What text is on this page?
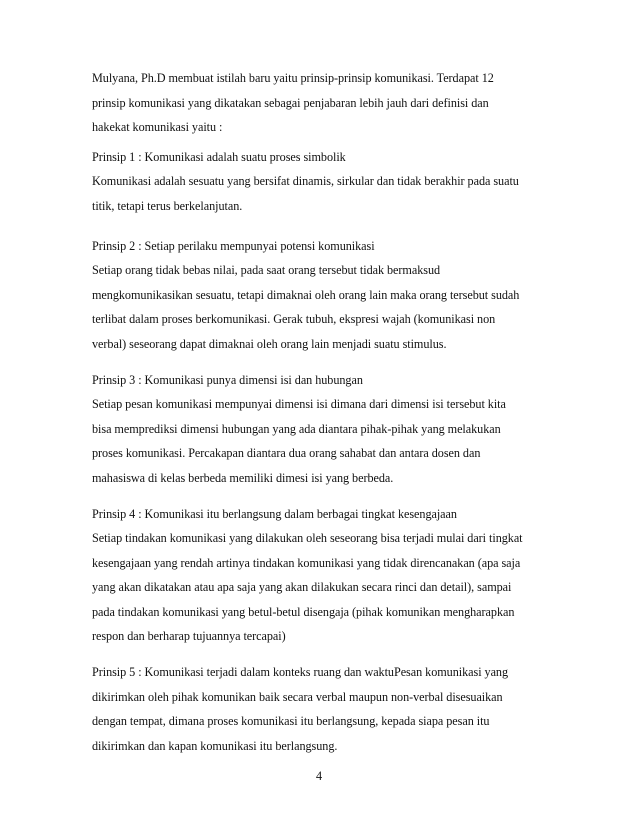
Mulyana, Ph.D membuat istilah baru yaitu prinsip-prinsip komunikasi. Terdapat 12
prinsip komunikasi yang dikatakan sebagai penjabaran lebih jauh dari definisi dan
hakekat komunikasi yaitu :
Prinsip 1 : Komunikasi adalah suatu proses simbolik
Komunikasi adalah sesuatu yang bersifat dinamis, sirkular dan tidak berakhir pada suatu
titik, tetapi terus berkelanjutan.
Prinsip 2 : Setiap perilaku mempunyai potensi komunikasi
Setiap orang tidak bebas nilai, pada saat orang tersebut tidak bermaksud
mengkomunikasikan sesuatu, tetapi dimaknai oleh orang lain maka orang tersebut sudah
terlibat dalam proses berkomunikasi. Gerak tubuh, ekspresi wajah (komunikasi non
verbal) seseorang dapat dimaknai oleh orang lain menjadi suatu stimulus.
Prinsip 3 : Komunikasi punya dimensi isi dan hubungan
Setiap pesan komunikasi mempunyai dimensi isi dimana dari dimensi isi tersebut kita
bisa memprediksi dimensi hubungan yang ada diantara pihak-pihak yang melakukan
proses komunikasi. Percakapan diantara dua orang sahabat dan antara dosen dan
mahasiswa di kelas berbeda memiliki dimesi isi yang berbeda.
Prinsip 4 : Komunikasi itu berlangsung dalam berbagai tingkat kesengajaan
Setiap tindakan komunikasi yang dilakukan oleh seseorang bisa terjadi mulai dari tingkat
kesengajaan yang rendah artinya tindakan komunikasi yang tidak direncanakan (apa saja
yang akan dikatakan atau apa saja yang akan dilakukan secara rinci dan detail), sampai
pada tindakan komunikasi yang betul-betul disengaja (pihak komunikan mengharapkan
respon dan berharap tujuannya tercapai)
Prinsip 5 : Komunikasi terjadi dalam konteks ruang dan waktuPesan komunikasi yang
dikirimkan oleh pihak komunikan baik secara verbal maupun non-verbal disesuaikan
dengan tempat, dimana proses komunikasi itu berlangsung, kepada siapa pesan itu
dikirimkan dan kapan komunikasi itu berlangsung.
4
